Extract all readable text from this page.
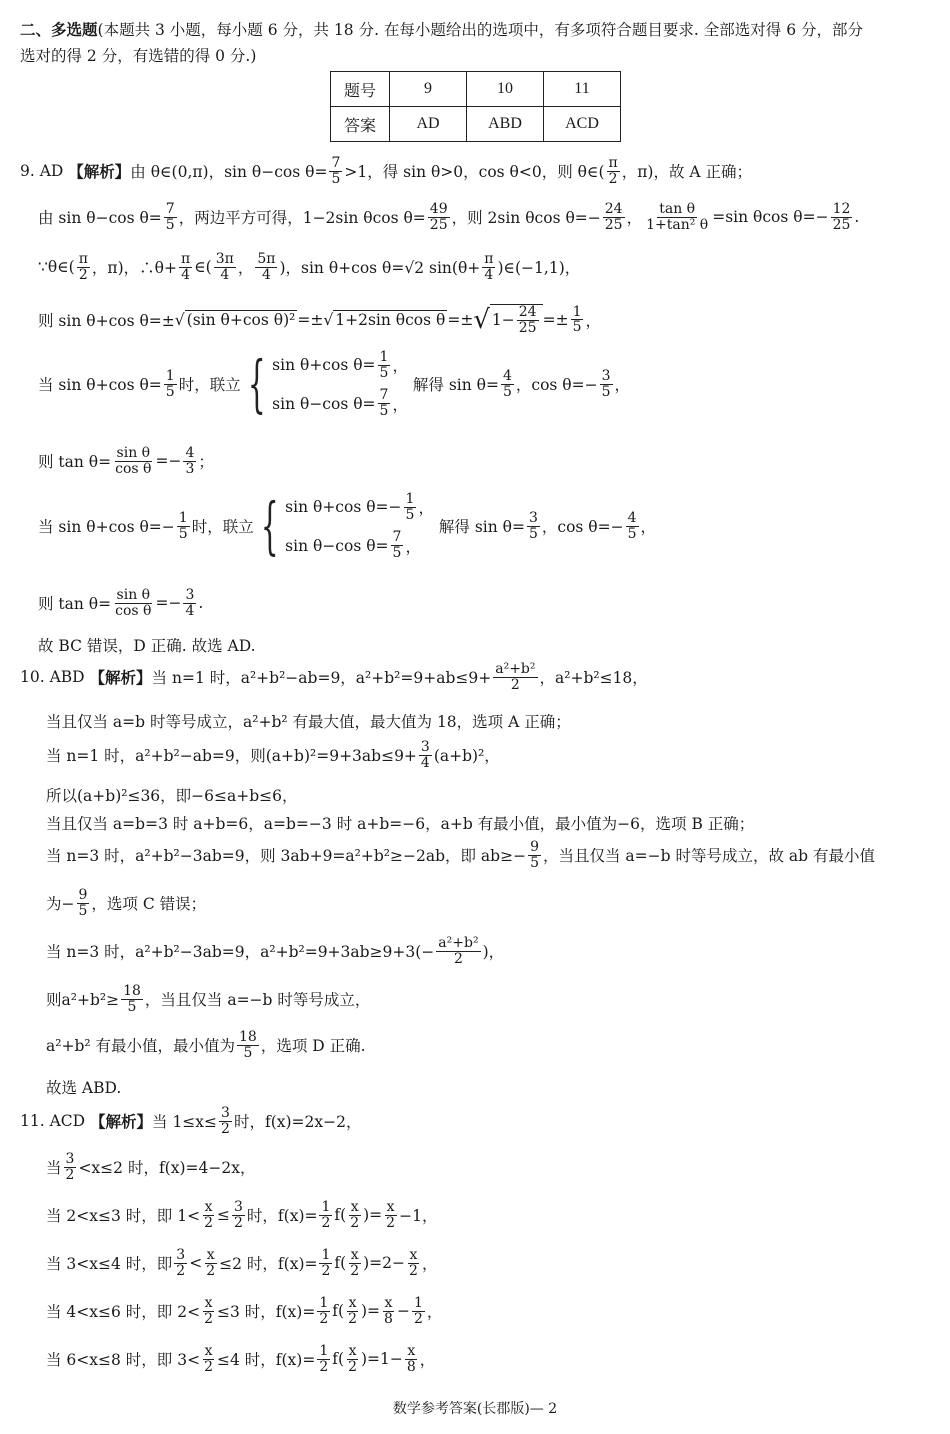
二、多选题(本题共 3 小题，每小题 6 分，共 18 分. 在每小题给出的选项中，有多项符合题目要求. 全部选对得 6 分，部分
选对的得 2 分，有选错的得 0 分.)
题号	9	10	11
答案	AD	ABD	ACD
9. AD
【解析】 由 θ∈(0,π)，sin θ−cos $\theta= \frac{7}{5} >1$，得 sin θ>0，cos θ<0，则 θ∈( $\frac{\pi}{2}$ ，π)，故 A 正确；
由 sin θ−cos $\theta= \frac{7}{5}$ ，两边平方可得，1−2sin θcos $\theta= \frac{49}{25}$ ，则 2sin θcos $\theta=- \frac{24}{25}$ ， $\frac{\text{tan θ}}{\text{1+tan² θ}} =\sin$ θcos $\theta=- \frac{12}{25}$ .
∵θ∈( $\frac{\pi}{2}$ ，π)，∴θ+ $\frac{\pi}{4}$ ∈( $\frac{3\pi}{4}$ ， $\frac{5\pi}{4}$ )，sin θ+cos θ=√2 $\sin(\theta+ \frac{\pi}{4}$ )∈(−1,1)，
则 sin θ+cos θ=± √ (sin θ+cos θ)² =± √ 1+2sin θcos θ =± √ $1- \frac{24}{25} =\pm \frac{1}{5}$ ，
当 sin θ+cos $\theta= \frac{1}{5}$ 时，联立 { sin θ+cos $\theta= \frac{1}{5}$ ，
sin θ−cos $\theta= \frac{7}{5}$ ，

解得 $\sin \theta= \frac{4}{5}$ ，$\cos \theta=- \frac{3}{5}$ ，
则 $\tan \theta= \frac{\text{sin θ}}{\text{cos θ}} =- \frac{4}{3}$ ；
当 sin θ+cos $\theta=- \frac{1}{5}$ 时，联立 { sin θ+cos $\theta=- \frac{1}{5}$ ，
sin θ−cos $\theta= \frac{7}{5}$ ，

解得 $\sin \theta= \frac{3}{5}$ ，$\cos \theta=- \frac{4}{5}$ ，
则 $\tan \theta= \frac{\text{sin θ}}{\text{cos θ}} =- \frac{3}{4}$ .
故 BC 错误，D 正确. 故选 AD.
10. ABD
【解析】 当 n=1 时，a²+b²−ab=9，$a^2+b^2=9+ab\le 9+ \frac{\text{a²+b²}}{2}$ ，a²+b²≤18，
当且仅当 a=b 时等号成立，a²+b² 有最大值，最大值为 18，选项 A 正确；
当 n=1 时，a²+b²−ab=9，则$(a+b)^2=9+3ab\le 9+ \frac{3}{4} (a+b)^2$，
所以(a+b)²≤36，即−6≤a+b≤6，
当且仅当 a=b=3 时 a+b=6，a=b=−3 时 a+b=−6，a+b 有最小值，最小值为−6，选项 B 正确；
当 n=3 时，a²+b²−3ab=9，则 3ab+9=a²+b²≥−2ab，即 $ab\ge- \frac{9}{5}$ ，当且仅当 a=−b 时等号成立，故 ab 有最小值
为− $\frac{9}{5}$ ，选项 C 错误；
当 n=3 时，a²+b²−3ab=9，$a^2+b^2=9+3ab\ge 9+3(- \frac{\text{a²+b²}}{2}$ )，
则$a^2+b^2\ge \frac{18}{5}$ ，当且仅当 a=−b 时等号成立，
a²+b² 有最小值，最小值为 $\frac{18}{5}$ ，选项 D 正确.
故选 ABD.
11. ACD
【解析】 当 $1\le x\le \frac{3}{2}$ 时，f(x)=2x−2，
当 $\frac{3}{2} <x\le 2$ 时，f(x)=4−2x，
当 2<x≤3 时，即 $1< \frac{x}{2} \le \frac{3}{2}$ 时，$f(x)= \frac{1}{2} f( \frac{x}{2}$ )= $\frac{x}{2} -1$，
当 3<x≤4 时，即 $\frac{3}{2} < \frac{x}{2} \le 2$ 时，$f(x)= \frac{1}{2} f( \frac{x}{2} )=2- \frac{x}{2}$ ，
当 4<x≤6 时，即 $2< \frac{x}{2} \le 3$ 时，$f(x)= \frac{1}{2} f( \frac{x}{2}$ )= $\frac{x}{8} - \frac{1}{2}$ ，
当 6<x≤8 时，即 $3< \frac{x}{2} \le 4$ 时，$f(x)= \frac{1}{2} f( \frac{x}{2} )=1- \frac{x}{8}$ ，
数学参考答案(长郡版)— 2
